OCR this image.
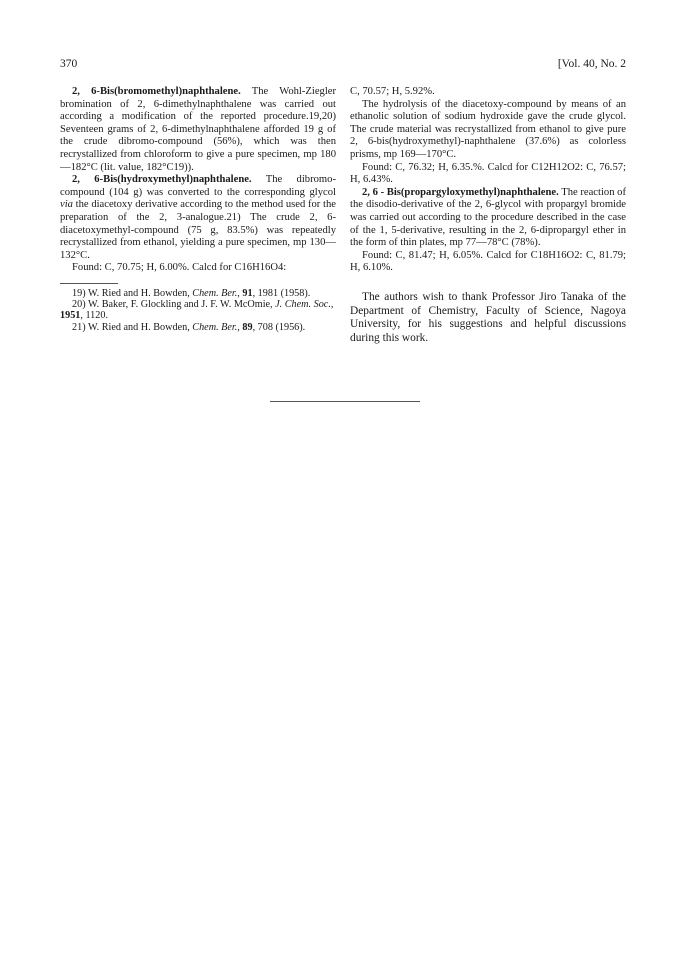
370	[Vol. 40, No. 2

2, 6-Bis(bromomethyl)naphthalene. The Wohl-Ziegler bromination of 2, 6-dimethylnaphthalene was carried out according a modification of the reported procedure.19,20) Seventeen grams of 2, 6-dimethylnaphthalene afforded 19 g of the crude dibromo-compound (56%), which was then recrystallized from chloroform to give a pure specimen, mp 180—182°C (lit. value, 182°C19)).

2, 6-Bis(hydroxymethyl)naphthalene. The dibromo-compound (104 g) was converted to the corresponding glycol via the diacetoxy derivative according to the method used for the preparation of the 2, 3-analogue.21) The crude 2, 6-diacetoxymethyl-compound (75 g, 83.5%) was repeatedly recrystallized from ethanol, yielding a pure specimen, mp 130—132°C.

Found: C, 70.75; H, 6.00%. Calcd for C16H16O4:

19) W. Ried and H. Bowden, Chem. Ber., 91, 1981 (1958).

20) W. Baker, F. Glockling and J. F. W. McOmie, J. Chem. Soc., 1951, 1120.

21) W. Ried and H. Bowden, Chem. Ber., 89, 708 (1956).

C, 70.57; H, 5.92%.

The hydrolysis of the diacetoxy-compound by means of an ethanolic solution of sodium hydroxide gave the crude glycol. The crude material was recrystallized from ethanol to give pure 2, 6-bis(hydroxymethyl)-naphthalene (37.6%) as colorless prisms, mp 169—170°C.

Found: C, 76.32; H, 6.35.%. Calcd for C12H12O2: C, 76.57; H, 6.43%.

2, 6 - Bis(propargyloxymethyl)naphthalene. The reaction of the disodio-derivative of the 2, 6-glycol with propargyl bromide was carried out according to the procedure described in the case of the 1, 5-derivative, resulting in the 2, 6-dipropargyl ether in the form of thin plates, mp 77—78°C (78%).

Found: C, 81.47; H, 6.05%. Calcd for C18H16O2: C, 81.79; H, 6.10%.

The authors wish to thank Professor Jiro Tanaka of the Department of Chemistry, Faculty of Science, Nagoya University, for his suggestions and helpful discussions during this work.
